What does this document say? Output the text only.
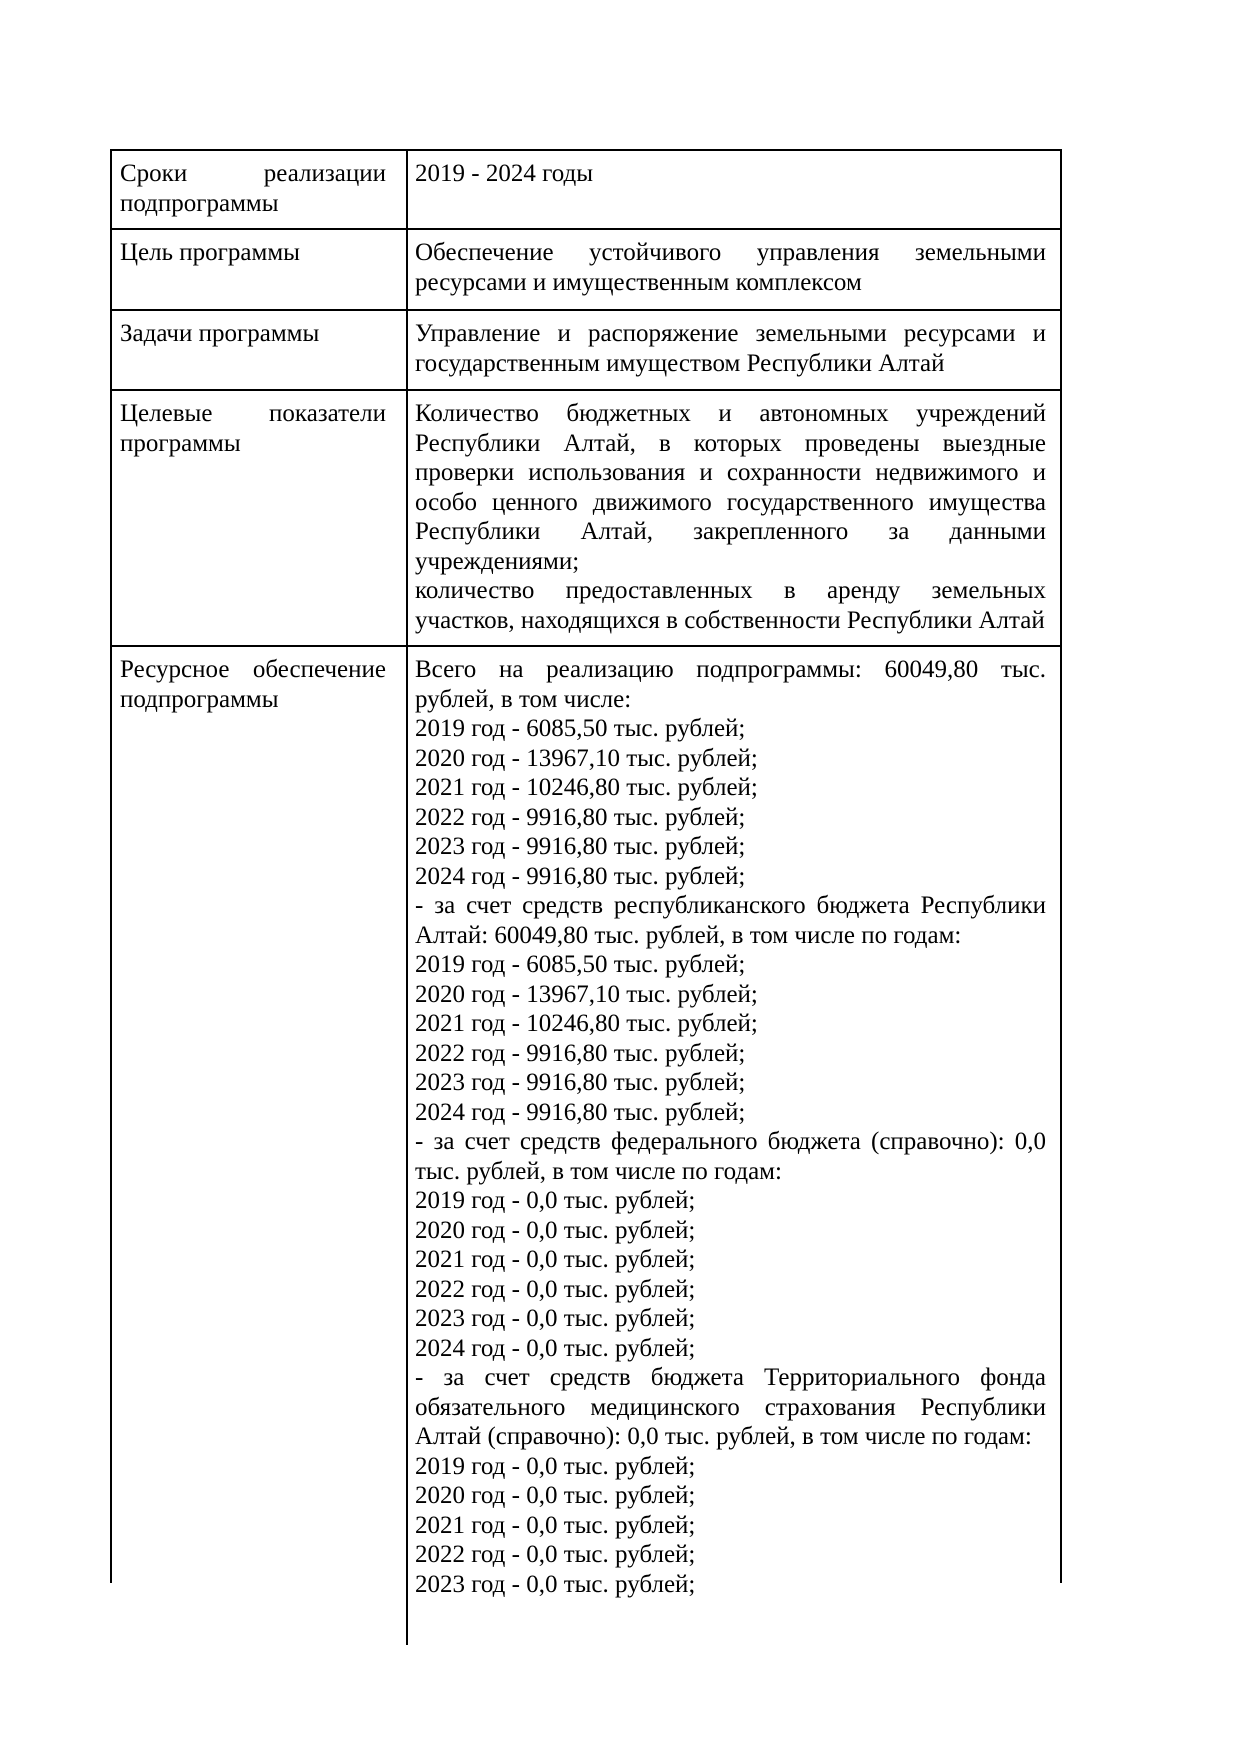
Сроки реализации подпрограммы

2019 - 2024 годы

Цель программы	Обеспечение устойчивого управления земельными ресурсами и имущественным комплексом

Задачи программы	Управление и распоряжение земельными ресурсами и государственным имуществом Республики Алтай

Целевые показатели программы

Количество бюджетных и автономных учреждений Республики Алтай, в которых проведены выездные проверки использования и сохранности недвижимого и особо ценного движимого государственного имущества Республики Алтай, закрепленного за данными учреждениями;

количество предоставленных в аренду земельных участков, находящихся в собственности Республики Алтай

Ресурсное обеспечение подпрограммы

Всего на реализацию подпрограммы: 60049,80 тыс. рублей, в том числе:

2019 год - 6085,50 тыс. рублей;

2020 год - 13967,10 тыс. рублей;

2021 год - 10246,80 тыс. рублей;

2022 год - 9916,80 тыс. рублей;

2023 год - 9916,80 тыс. рублей;

2024 год - 9916,80 тыс. рублей;

- за счет средств республиканского бюджета Республики Алтай: 60049,80 тыс. рублей, в том числе по годам:

2019 год - 6085,50 тыс. рублей;

2020 год - 13967,10 тыс. рублей;

2021 год - 10246,80 тыс. рублей;

2022 год - 9916,80 тыс. рублей;

2023 год - 9916,80 тыс. рублей;

2024 год - 9916,80 тыс. рублей;

- за счет средств федерального бюджета (справочно): 0,0 тыс. рублей, в том числе по годам:

2019 год - 0,0 тыс. рублей;

2020 год - 0,0 тыс. рублей;

2021 год - 0,0 тыс. рублей;

2022 год - 0,0 тыс. рублей;

2023 год - 0,0 тыс. рублей;

2024 год - 0,0 тыс. рублей;

- за счет средств бюджета Территориального фонда обязательного медицинского страхования Республики Алтай (справочно): 0,0 тыс. рублей, в том числе по годам:

2019 год - 0,0 тыс. рублей;

2020 год - 0,0 тыс. рублей;

2021 год - 0,0 тыс. рублей;

2022 год - 0,0 тыс. рублей;

2023 год - 0,0 тыс. рублей;
